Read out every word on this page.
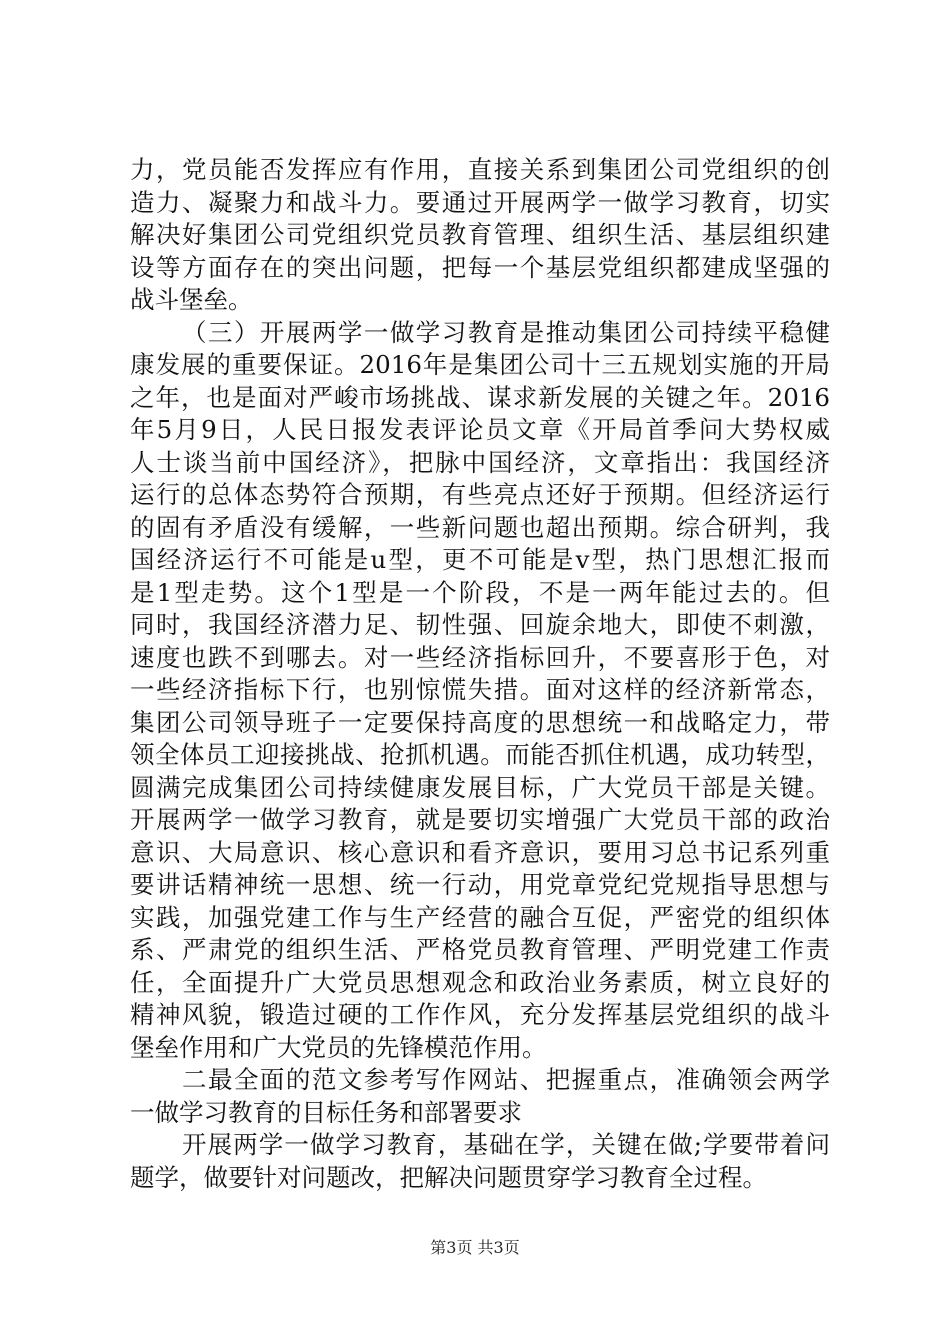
力，党员能否发挥应有作用，直接关系到集团公司党组织的创
造力、凝聚力和战斗力。要通过开展两学一做学习教育，切实
解决好集团公司党组织党员教育管理、组织生活、基层组织建
设等方面存在的突出问题，把每一个基层党组织都建成坚强的
战斗堡垒。
（三）开展两学一做学习教育是推动集团公司持续平稳健
康发展的重要保证。2016年是集团公司十三五规划实施的开局
之年，也是面对严峻市场挑战、谋求新发展的关键之年。2016
年5月9日，人民日报发表评论员文章《开局首季问大势权威
人士谈当前中国经济》，把脉中国经济，文章指出：我国经济
运行的总体态势符合预期，有些亮点还好于预期。但经济运行
的固有矛盾没有缓解，一些新问题也超出预期。综合研判，我
国经济运行不可能是u型，更不可能是v型，热门思想汇报而
是1型走势。这个1型是一个阶段，不是一两年能过去的。但
同时，我国经济潜力足、韧性强、回旋余地大，即使不刺激，
速度也跌不到哪去。对一些经济指标回升，不要喜形于色，对
一些经济指标下行，也别惊慌失措。面对这样的经济新常态，
集团公司领导班子一定要保持高度的思想统一和战略定力，带
领全体员工迎接挑战、抢抓机遇。而能否抓住机遇，成功转型，
圆满完成集团公司持续健康发展目标，广大党员干部是关键。
开展两学一做学习教育，就是要切实增强广大党员干部的政治
意识、大局意识、核心意识和看齐意识，要用习总书记系列重
要讲话精神统一思想、统一行动，用党章党纪党规指导思想与
实践，加强党建工作与生产经营的融合互促，严密党的组织体
系、严肃党的组织生活、严格党员教育管理、严明党建工作责
任，全面提升广大党员思想观念和政治业务素质，树立良好的
精神风貌，锻造过硬的工作作风，充分发挥基层党组织的战斗
堡垒作用和广大党员的先锋模范作用。
二最全面的范文参考写作网站、把握重点，准确领会两学
一做学习教育的目标任务和部署要求
开展两学一做学习教育，基础在学，关键在做;学要带着问
题学，做要针对问题改，把解决问题贯穿学习教育全过程。
第3页 共3页
